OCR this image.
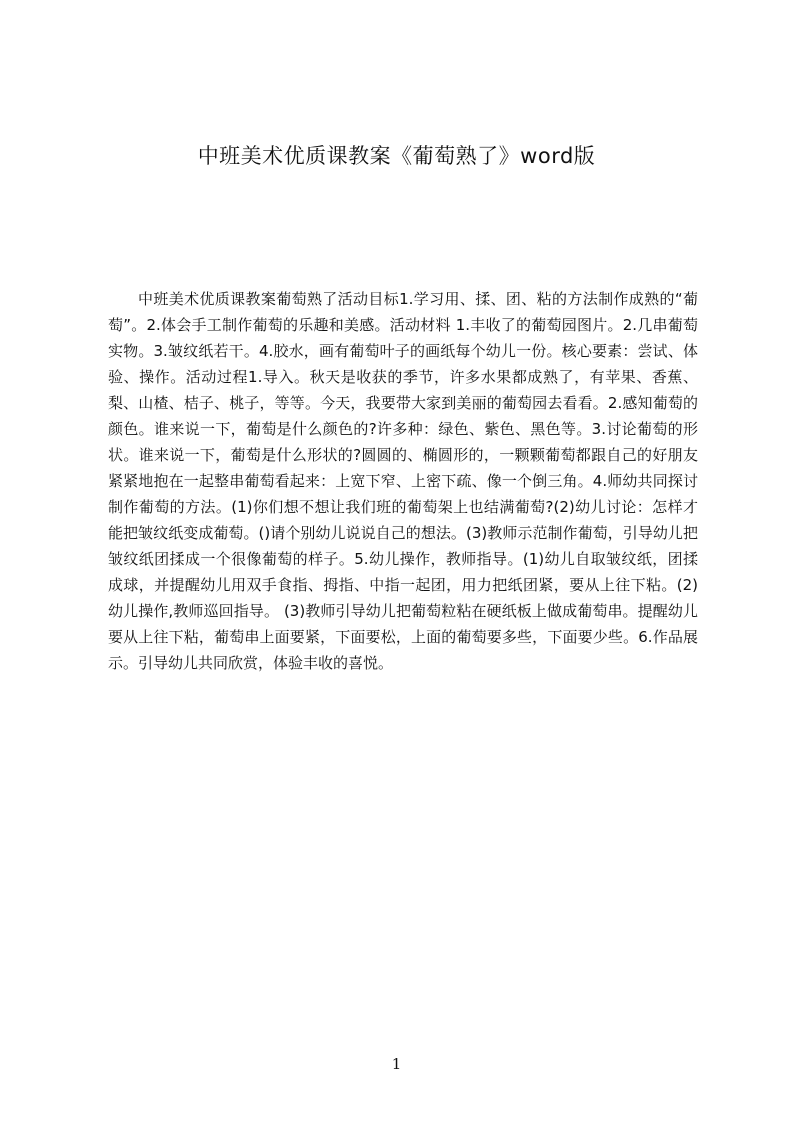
中班美术优质课教案《葡萄熟了》word版

中班美术优质课教案葡萄熟了活动目标1.学习用、揉、团、粘的方法制作成熟的“葡萄”。2.体会手工制作葡萄的乐趣和美感。活动材料 1.丰收了的葡萄园图片。2.几串葡萄实物。3.皱纹纸若干。4.胶水，画有葡萄叶子的画纸每个幼儿一份。核心要素：尝试、体验、操作。活动过程1.导入。秋天是收获的季节，许多水果都成熟了，有苹果、香蕉、梨、山楂、桔子、桃子，等等。今天，我要带大家到美丽的葡萄园去看看。2.感知葡萄的颜色。谁来说一下，葡萄是什么颜色的?许多种：绿色、紫色、黑色等。3.讨论葡萄的形状。谁来说一下，葡萄是什么形状的?圆圆的、椭圆形的，一颗颗葡萄都跟自己的好朋友紧紧地抱在一起整串葡萄看起来：上宽下窄、上密下疏、像一个倒三角。4.师幼共同探讨制作葡萄的方法。(1)你们想不想让我们班的葡萄架上也结满葡萄?(2)幼儿讨论：怎样才能把皱纹纸变成葡萄。()请个别幼儿说说自己的想法。(3)教师示范制作葡萄，引导幼儿把皱纹纸团揉成一个很像葡萄的样子。5.幼儿操作，教师指导。(1)幼儿自取皱纹纸，团揉成球，并提醒幼儿用双手食指、拇指、中指一起团，用力把纸团紧，要从上往下粘。(2)幼儿操作,教师巡回指导。 (3)教师引导幼儿把葡萄粒粘在硬纸板上做成葡萄串。提醒幼儿要从上往下粘，葡萄串上面要紧，下面要松，上面的葡萄要多些，下面要少些。6.作品展示。引导幼儿共同欣赏，体验丰收的喜悦。

1
